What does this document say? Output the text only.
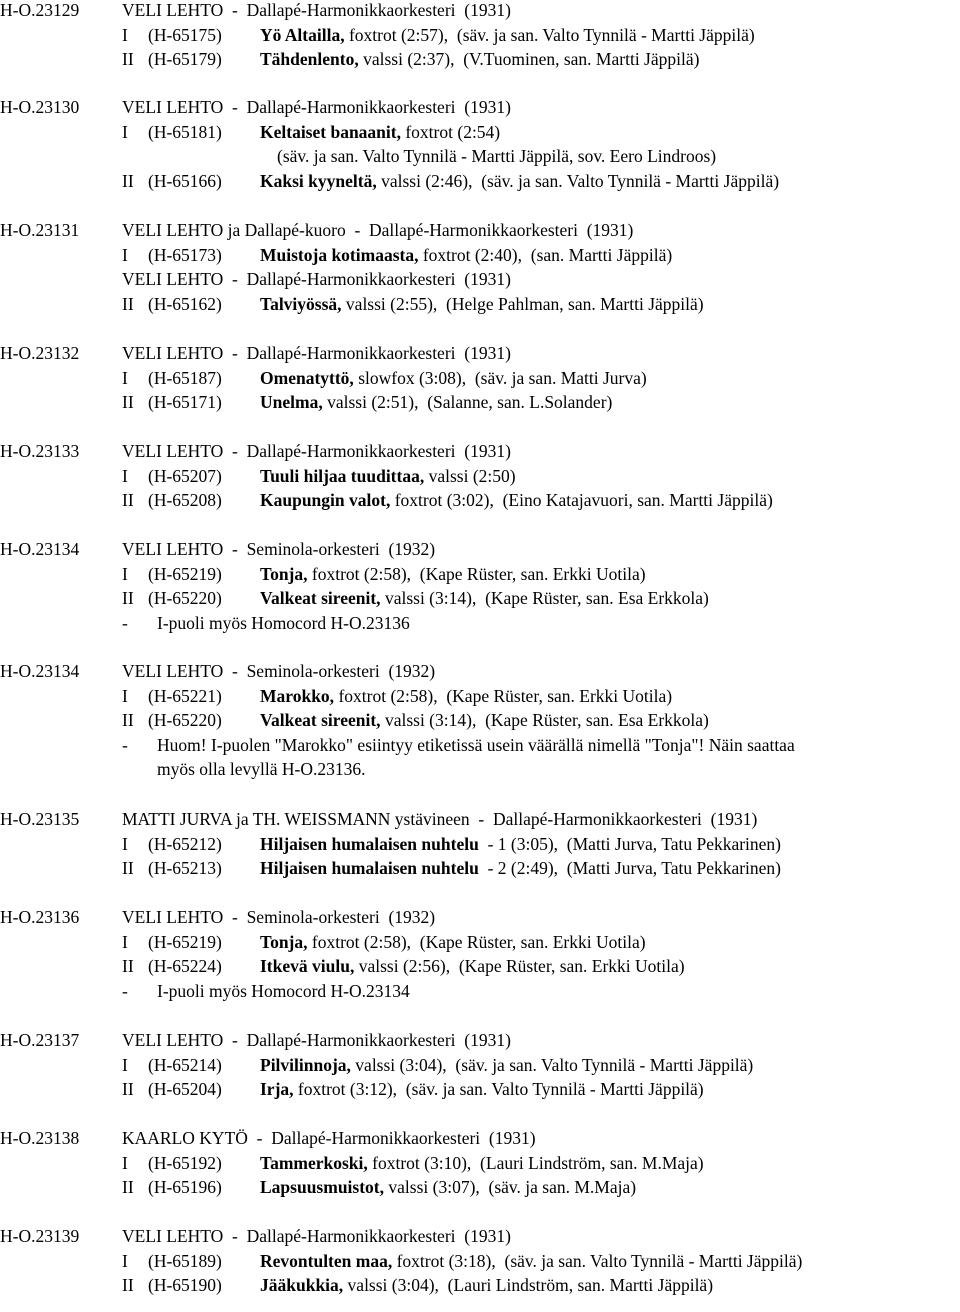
H-O.23129 VELI LEHTO  -  Dallapé-Harmonikkaorkesteri  (1931)
I (H-65175) Yö Altailla, foxtrot (2:57),  (säv. ja san. Valto Tynnilä - Martti Jäppilä)
II (H-65179) Tähdenlento, valssi (2:37),  (V.Tuominen, san. Martti Jäppilä)
H-O.23130 VELI LEHTO  -  Dallapé-Harmonikkaorkesteri  (1931)
I (H-65181) Keltaiset banaanit, foxtrot (2:54)
(säv. ja san. Valto Tynnilä - Martti Jäppilä, sov. Eero Lindroos)
II (H-65166) Kaksi kyyneltä, valssi (2:46),  (säv. ja san. Valto Tynnilä - Martti Jäppilä)
H-O.23131 VELI LEHTO ja Dallapé-kuoro  -  Dallapé-Harmonikkaorkesteri  (1931)
I (H-65173) Muistoja kotimaasta, foxtrot (2:40),  (san. Martti Jäppilä)
VELI LEHTO  -  Dallapé-Harmonikkaorkesteri  (1931)
II (H-65162) Talviyössä, valssi (2:55),  (Helge Pahlman, san. Martti Jäppilä)
H-O.23132 VELI LEHTO  -  Dallapé-Harmonikkaorkesteri  (1931)
I (H-65187) Omenatyttö, slowfox (3:08),  (säv. ja san. Matti Jurva)
II (H-65171) Unelma, valssi (2:51),  (Salanne, san. L.Solander)
H-O.23133 VELI LEHTO  -  Dallapé-Harmonikkaorkesteri  (1931)
I (H-65207) Tuuli hiljaa tuudittaa, valssi (2:50)
II (H-65208) Kaupungin valot, foxtrot (3:02),  (Eino Katajavuori, san. Martti Jäppilä)
H-O.23134 VELI LEHTO  -  Seminola-orkesteri  (1932)
I (H-65219) Tonja, foxtrot (2:58),  (Kape Rüster, san. Erkki Uotila)
II (H-65220) Valkeat sireenit, valssi (3:14),  (Kape Rüster, san. Esa Erkkola)
- I-puoli myös Homocord H-O.23136
H-O.23134 VELI LEHTO  -  Seminola-orkesteri  (1932)
I (H-65221) Marokko, foxtrot (2:58),  (Kape Rüster, san. Erkki Uotila)
II (H-65220) Valkeat sireenit, valssi (3:14),  (Kape Rüster, san. Esa Erkkola)
- Huom! I-puolen "Marokko" esiintyy etiketissä usein väärällä nimellä "Tonja"! Näin saattaa
myös olla levyllä H-O.23136.
H-O.23135 MATTI JURVA ja TH. WEISSMANN ystävineen  -  Dallapé-Harmonikkaorkesteri  (1931)
I (H-65212) Hiljaisen humalaisen nuhtelu  - 1 (3:05),  (Matti Jurva, Tatu Pekkarinen)
II (H-65213) Hiljaisen humalaisen nuhtelu  - 2 (2:49),  (Matti Jurva, Tatu Pekkarinen)
H-O.23136 VELI LEHTO  -  Seminola-orkesteri  (1932)
I (H-65219) Tonja, foxtrot (2:58),  (Kape Rüster, san. Erkki Uotila)
II (H-65224) Itkevä viulu, valssi (2:56),  (Kape Rüster, san. Erkki Uotila)
- I-puoli myös Homocord H-O.23134
H-O.23137 VELI LEHTO  -  Dallapé-Harmonikkaorkesteri  (1931)
I (H-65214) Pilvilinnoja, valssi (3:04),  (säv. ja san. Valto Tynnilä - Martti Jäppilä)
II (H-65204) Irja, foxtrot (3:12),  (säv. ja san. Valto Tynnilä - Martti Jäppilä)
H-O.23138 KAARLO KYTÖ  -  Dallapé-Harmonikkaorkesteri  (1931)
I (H-65192) Tammerkoski, foxtrot (3:10),  (Lauri Lindström, san. M.Maja)
II (H-65196) Lapsuusmuistot, valssi (3:07),  (säv. ja san. M.Maja)
H-O.23139 VELI LEHTO  -  Dallapé-Harmonikkaorkesteri  (1931)
I (H-65189) Revontulten maa, foxtrot (3:18),  (säv. ja san. Valto Tynnilä - Martti Jäppilä)
II (H-65190) Jääkukkia, valssi (3:04),  (Lauri Lindström, san. Martti Jäppilä)
